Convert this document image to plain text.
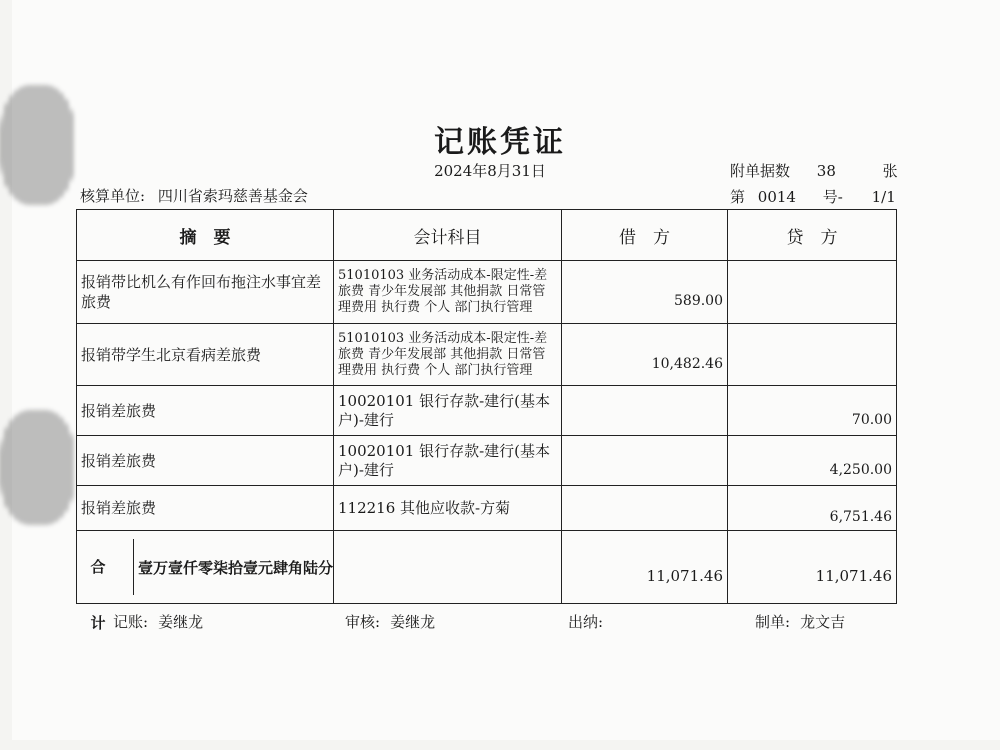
记账凭证
2024年8月31日	附单据数 38	张
核算单位: 四川省索玛慈善基金会	第 0014 号- 1/1
摘　要	会计科目	借　方	贷　方
报销带比机么有作回布拖注水事宜差旅费	51010103 业务活动成本-限定性-差旅费 青少年发展部 其他捐款 日常管理费用 执行费 个人 部门执行管理	589.00	
报销带学生北京看病差旅费	51010103 业务活动成本-限定性-差旅费 青少年发展部 其他捐款 日常管理费用 执行费 个人 部门执行管理	10,482.46	
报销差旅费	10020101 银行存款-建行(基本户)-建行		70.00
报销差旅费	10020101 银行存款-建行(基本户)-建行		4,250.00
报销差旅费	112216 其他应收款-方菊		6,751.46

合计
壹万壹仟零柒拾壹元肆角陆分		11,071.46	11,071.46
记账: 姜继龙	审核: 姜继龙	出纳:	制单: 龙文吉
